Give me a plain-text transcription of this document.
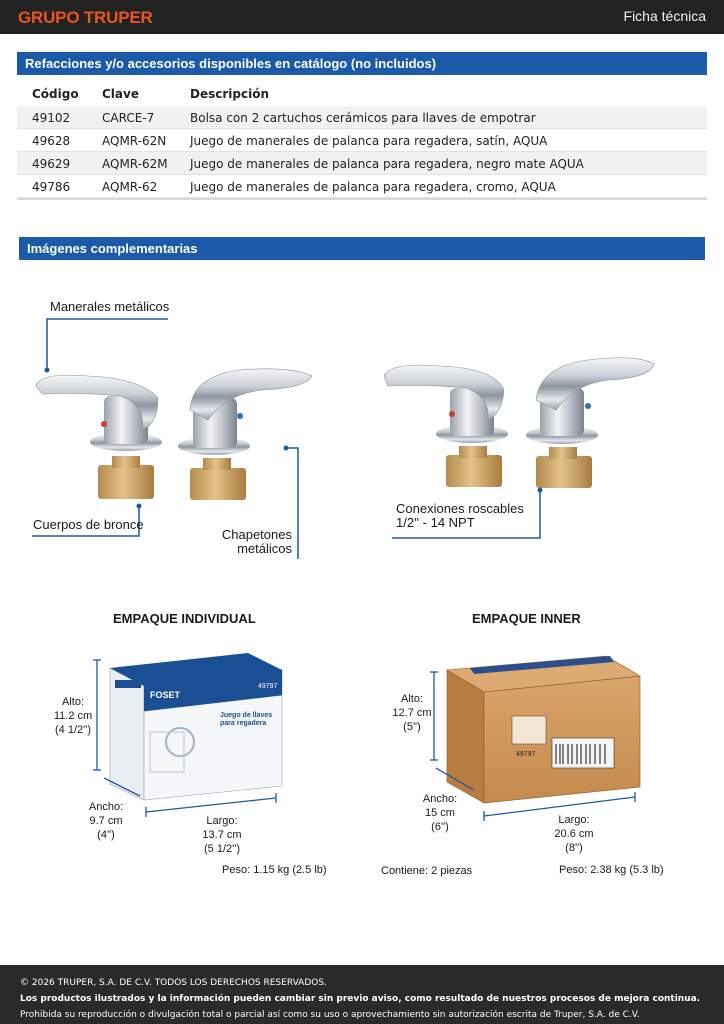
GRUPO TRUPER	Ficha técnica
Refacciones y/o accesorios disponibles en catálogo (no incluidos)
Código Clave	Descripción
49102	CARCE-7	Bolsa con 2 cartuchos cerámicos para llaves de empotrar
49628	AQMR-62N Juego de manerales de palanca para regadera, satín, AQUA
49629	AQMR-62M Juego de manerales de palanca para regadera, negro mate AQUA
49786	AQMR-62	Juego de manerales de palanca para regadera, cromo, AQUA
Imágenes complementarias
Manerales metálicos
Cuerpos de bronce
Chapetones
metálicos
Conexiones roscables
1/2'' - 14 NPT
FOSET
Juego de llaves para regadera
49797
49797
EMPAQUE INDIVIDUAL	EMPAQUE INNER
Alto:
11.2 cm
(4 1/2'')
Ancho:
9.7 cm
(4'')
Largo:
13.7 cm
(5 1/2'')
Peso: 1.15 kg (2.5 lb)
Alto:
12.7 cm
(5'')
Ancho:
15 cm
(6'')
Largo:
20.6 cm
(8'')
Contiene: 2 piezas	Peso: 2.38 kg (5.3 lb)
© 2026 TRUPER, S.A. DE C.V. TODOS LOS DERECHOS RESERVADOS.
Los productos ilustrados y la información pueden cambiar sin previo aviso, como resultado de nuestros procesos de mejora continua.
Prohibida su reproducción o divulgación total o parcial así como su uso o aprovechamiento sin autorización escrita de Truper, S.A. de C.V.
